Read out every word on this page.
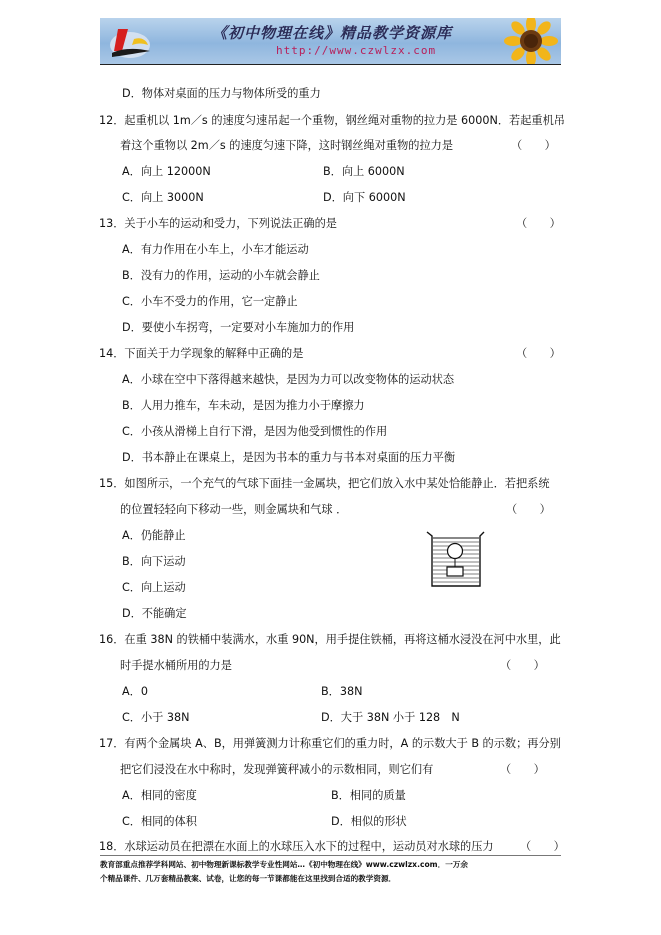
《初中物理在线》精品教学资源库
http://www.czwlzx.com
D．物体对桌面的压力与物体所受的重力
12．起重机以 1m／s 的速度匀速吊起一个重物，钢丝绳对重物的拉力是 6000N．若起重机吊
着这个重物以 2m／s 的速度匀速下降，这时钢丝绳对重物的拉力是	（　　）
A．向上 12000N	B．向上 6000N
C．向上 3000N	D．向下 6000N
13．关于小车的运动和受力，下列说法正确的是	（　　）
A．有力作用在小车上，小车才能运动
B．没有力的作用，运动的小车就会静止
C．小车不受力的作用，它一定静止
D．要使小车拐弯，一定要对小车施加力的作用
14．下面关于力学现象的解释中正确的是	（　　）
A．小球在空中下落得越来越快，是因为力可以改变物体的运动状态
B．人用力推车，车未动，是因为推力小于摩擦力
C．小孩从滑梯上自行下滑，是因为他受到惯性的作用
D．书本静止在课桌上，是因为书本的重力与书本对桌面的压力平衡
15．如图所示，一个充气的气球下面挂一金属块，把它们放入水中某处恰能静止．若把系统
的位置轻轻向下移动一些，则金属块和气球 ．	（　　）
A．仍能静止
B．向下运动
C．向上运动
D．不能确定
16．在重 38N 的铁桶中装满水，水重 90N，用手提住铁桶，再将这桶水浸没在河中水里，此
时手提水桶所用的力是	（　　）
A．0	B．38N
C．小于 38N	D．大于 38N 小于 128　N
17．有两个金属块 A、B，用弹簧测力计称重它们的重力时，A 的示数大于 B 的示数；再分别
把它们浸没在水中称时，发现弹簧秤减小的示数相同，则它们有	（　　）
A．相同的密度	B．相同的质量
C．相同的体积	D．相似的形状
18．水球运动员在把漂在水面上的水球压入水下的过程中，运动员对水球的压力 （　　）
教育部重点推荐学科网站、初中物理新课标教学专业性网站…《初中物理在线》www.czwlzx.com．一万余
个精品课件、几万套精品教案、试卷，让您的每一节课都能在这里找到合适的教学资源．
